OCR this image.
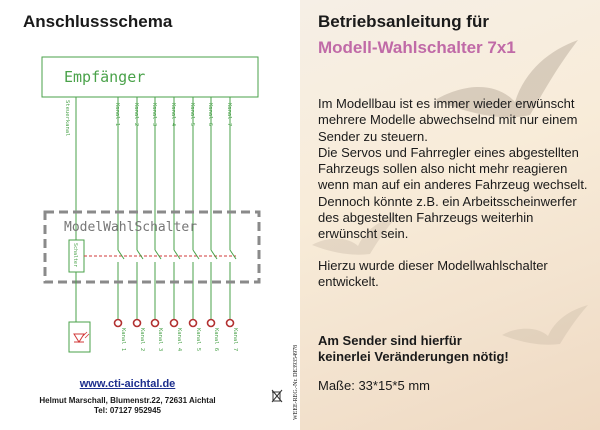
Anschlussschema
Empfänger
Kanal 1 Kanal 2 Kanal 3 Kanal 4 Kanal 5 Kanal 6 Kanal 7
Steuerkanal
ModelWahlSchalter
Schalter
Kanal 1 Kanal 2 Kanal 3 Kanal 4 Kanal 5 Kanal 6 Kanal 7
www.cti-aichtal.de
Helmut Marschall, Blumenstr.22, 72631 Aichtal
Tel: 07127 952945	WEEE-REG.-Nr. DE39354978
Betriebsanleitung für
Modell-Wahlschalter 7x1
Im Modellbau ist es immer wieder erwünscht
mehrere Modelle abwechselnd mit nur einem
Sender zu steuern.
Die Servos und Fahrregler eines abgestellten
Fahrzeugs sollen also nicht mehr reagieren
wenn man auf ein anderes Fahrzeug wechselt.
Dennoch könnte z.B. ein Arbeitsscheinwerfer
des abgestellten Fahrzeugs weiterhin
erwünscht sein.
Hierzu wurde dieser Modellwahlschalter
entwickelt.
Am Sender sind hierfür
keinerlei Veränderungen nötig!
Maße: 33*15*5 mm
